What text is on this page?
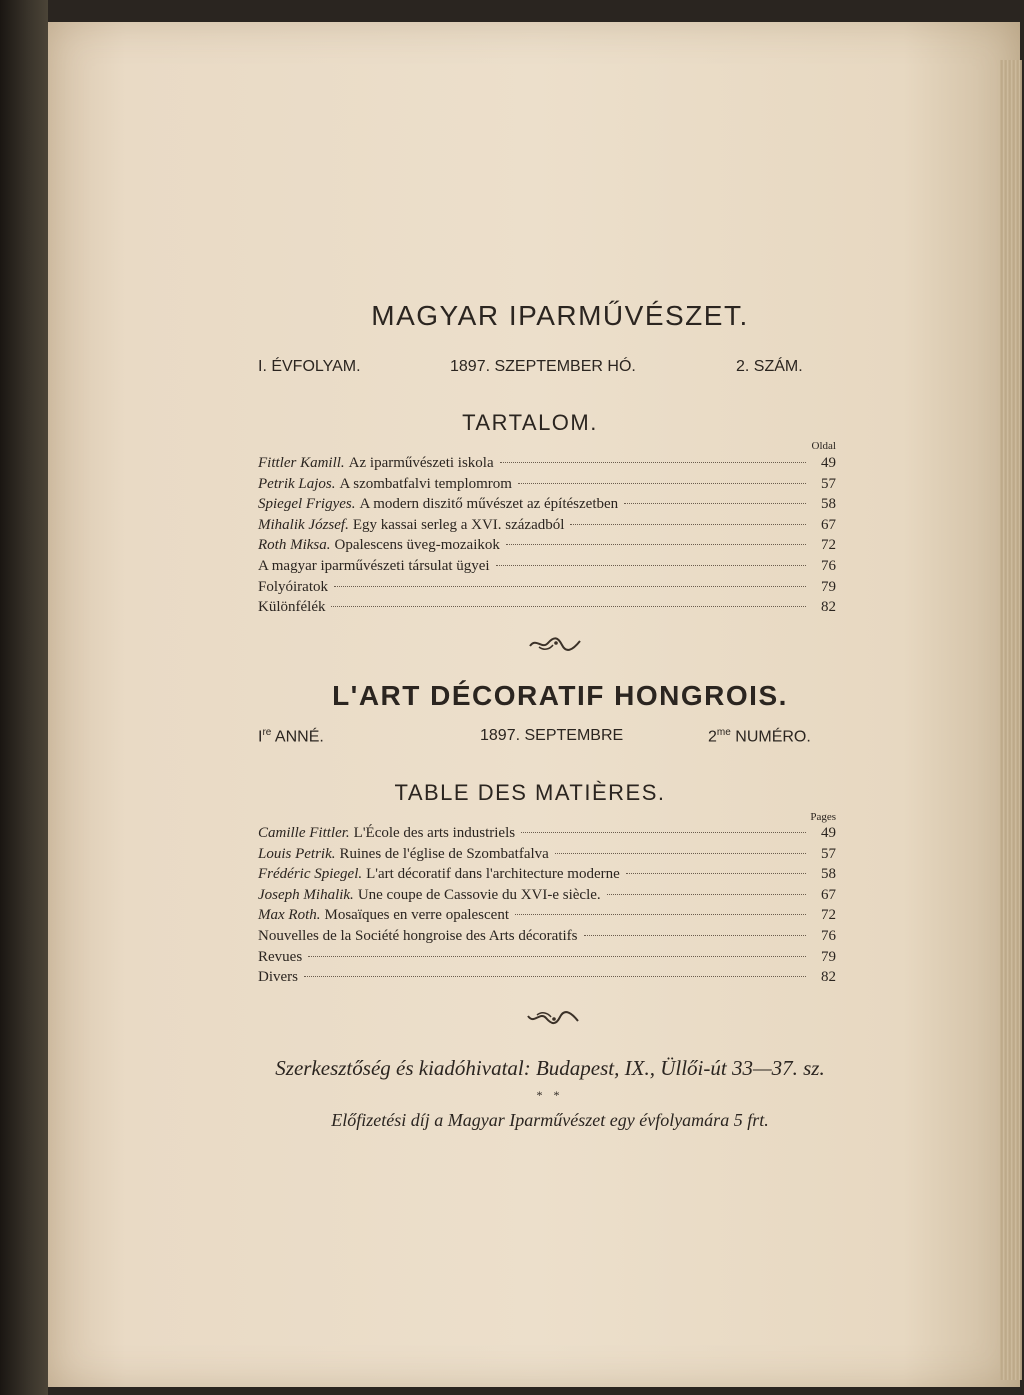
MAGYAR IPARMŰVÉSZET.
I. ÉVFOLYAM.	1897. SZEPTEMBER HÓ.	2. SZÁM.
TARTALOM.
Oldal
Fittler Kamill. Az iparművészeti iskola	49
Petrik Lajos. A szombatfalvi templomrom	57
Spiegel Frigyes. A modern diszitő művészet az építészetben	58
Mihalik József. Egy kassai serleg a XVI. századból	67
Roth Miksa. Opalescens üveg-mozaikok	72
A magyar iparművészeti társulat ügyei	76
Folyóiratok	79
Különfélék	82
L'ART DÉCORATIF HONGROIS.
Ire ANNÉ.	1897. SEPTEMBRE	$2^{me}$ NUMÉRO.
TABLE DES MATIÈRES.
Pages
Camille Fittler. L'École des arts industriels	49
Louis Petrik. Ruines de l'église de Szombatfalva	57
Frédéric Spiegel. L'art décoratif dans l'architecture moderne	58
Joseph Mihalik. Une coupe de Cassovie du XVI-e siècle.	67
Max Roth. Mosaïques en verre opalescent	72
Nouvelles de la Société hongroise des Arts décoratifs	76
Revues	79
Divers	82
Szerkesztőség és kiadóhivatal: Budapest, IX., Üllői-út 33—37. sz.
* *
Előfizetési díj a Magyar Iparművészet egy évfolyamára 5 frt.
